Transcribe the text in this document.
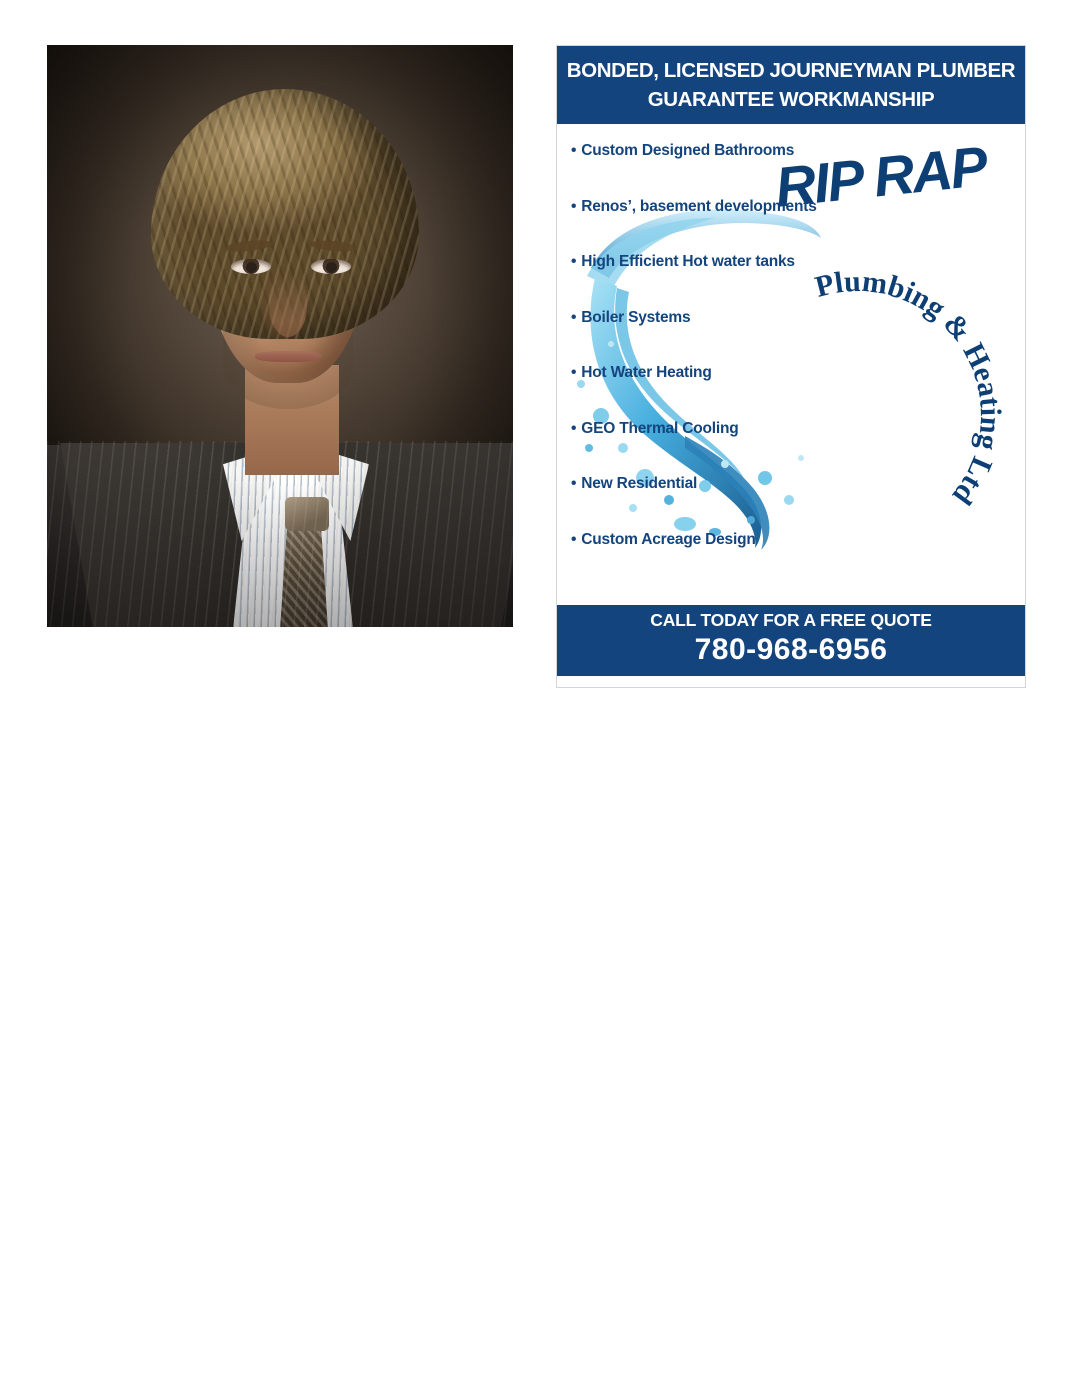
BONDED, LICENSED JOURNEYMAN PLUMBER
GUARANTEE WORKMANSHIP
• Custom Designed Bathrooms
• Renos’, basement developments
• High Efficient Hot water tanks
• Boiler Systems
• Hot Water Heating
• GEO Thermal Cooling
• New Residential
• Custom Acreage Design
RIP RAP
Plumbing & Heating Ltd
CALL TODAY FOR A FREE QUOTE
780-968-6956
